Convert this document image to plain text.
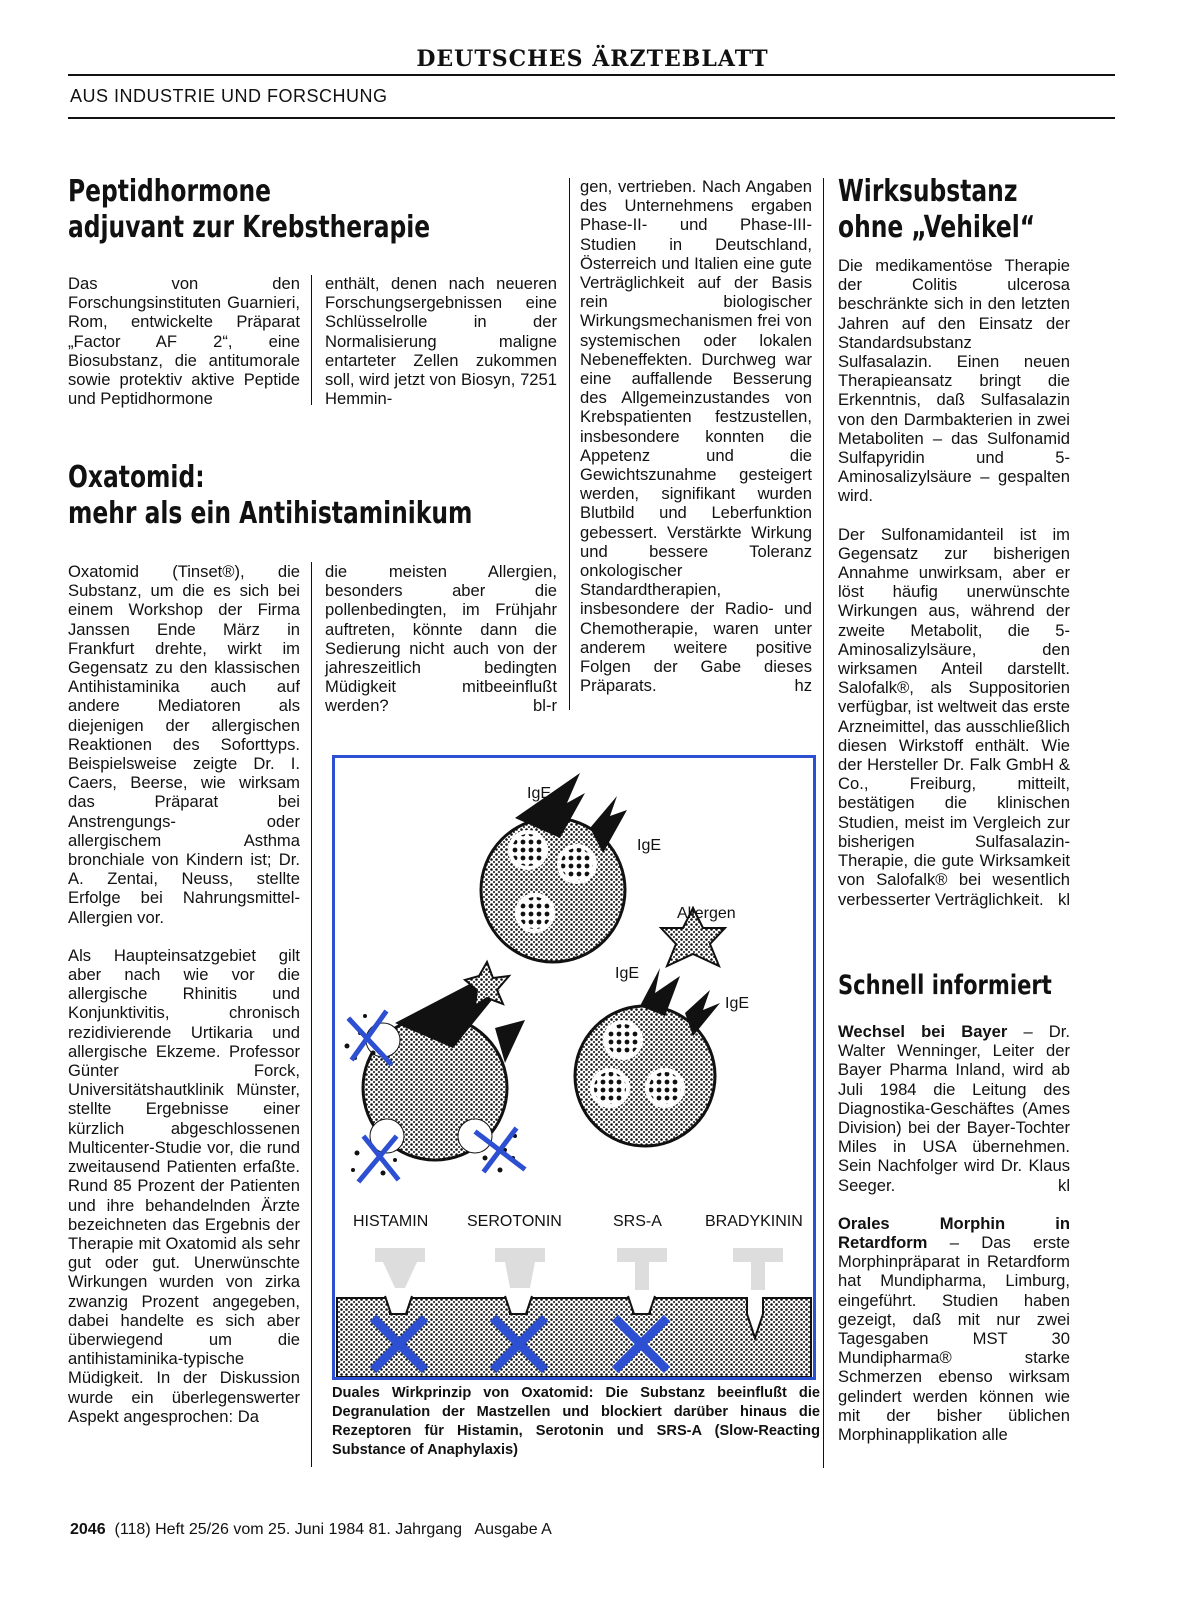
DEUTSCHES ÄRZTEBLATT
AUS INDUSTRIE UND FORSCHUNG
Peptidhormone
adjuvant zur Krebstherapie

Das von den Forschungsinstituten Guarnieri, Rom, entwickelte Präparat „Factor AF 2“, eine Biosubstanz, die antitumorale sowie protektiv aktive Peptide und Peptidhormone

enthält, denen nach neueren Forschungsergebnissen eine Schlüsselrolle in der Normalisierung maligne entarteter Zellen zukommen soll, wird jetzt von Biosyn, 7251 Hemmin-

gen, vertrieben. Nach Angaben des Unternehmens ergaben Phase-II- und Phase-III-Studien in Deutschland, Österreich und Italien eine gute Verträglichkeit auf der Basis rein biologischer Wirkungsmechanismen frei von systemischen oder lokalen Nebeneffekten. Durchweg war eine auffallende Besserung des Allgemeinzustandes von Krebspatienten festzustellen, insbesondere konnten die Appetenz und die Gewichtszunahme gesteigert werden, signifikant wurden Blutbild und Leberfunktion gebessert. Verstärkte Wirkung und bessere Toleranz onkologischer Standardtherapien, insbesondere der Radio- und Chemotherapie, waren unter anderem weitere positive Folgen der Gabe dieses Präparats.	hz

Oxatomid:
mehr als ein Antihistaminikum

Oxatomid (Tinset®), die Substanz, um die es sich bei einem Workshop der Firma Janssen Ende März in Frankfurt drehte, wirkt im Gegensatz zu den klassischen Antihistaminika auch auf andere Mediatoren als diejenigen der allergischen Reaktionen des Soforttyps. Beispielsweise zeigte Dr. I. Caers, Beerse, wie wirksam das Präparat bei Anstrengungs- oder allergischem Asthma bronchiale von Kindern ist; Dr. A. Zentai, Neuss, stellte Erfolge bei Nahrungsmittel-Allergien vor.

Als Haupteinsatzgebiet gilt aber nach wie vor die allergische Rhinitis und Konjunktivitis, chronisch rezidivierende Urtikaria und allergische Ekzeme. Professor Günter Forck, Universitätshautklinik Münster, stellte Ergebnisse einer kürzlich abgeschlossenen Multicenter-Studie vor, die rund zweitausend Patienten erfaßte. Rund 85 Prozent der Patienten und ihre behandelnden Ärzte bezeichneten das Ergebnis der Therapie mit Oxatomid als sehr gut oder gut. Unerwünschte Wirkungen wurden von zirka zwanzig Prozent angegeben, dabei handelte es sich aber überwiegend um die antihistaminika-typische Müdigkeit. In der Diskussion wurde ein überlegenswerter Aspekt angesprochen: Da

die meisten Allergien, besonders aber die pollenbedingten, im Frühjahr auftreten, könnte dann die Sedierung nicht auch von der jahreszeitlich bedingten Müdigkeit mitbeeinflußt werden?	bl-r

IgE
IgE
Allergen
IgE
IgE
HISTAMIN SEROTONIN	SRS-A	BRADYKININ
Duales Wirkprinzip von Oxatomid: Die Substanz beeinflußt die Degranulation der Mastzellen und blockiert darüber hinaus die Rezeptoren für Histamin, Serotonin und SRS-A (Slow-Reacting Substance of Anaphylaxis)
Wirksubstanz
ohne „Vehikel“

Die medikamentöse Therapie der Colitis ulcerosa beschränkte sich in den letzten Jahren auf den Einsatz der Standardsubstanz Sulfasalazin. Einen neuen Therapieansatz bringt die Erkenntnis, daß Sulfasalazin von den Darmbakterien in zwei Metaboliten – das Sulfonamid Sulfapyridin und 5-Aminosalizylsäure – gespalten wird.

Der Sulfonamidanteil ist im Gegensatz zur bisherigen Annahme unwirksam, aber er löst häufig unerwünschte Wirkungen aus, während der zweite Metabolit, die 5-Aminosalizylsäure, den wirksamen Anteil darstellt. Salofalk®, als Suppositorien verfügbar, ist weltweit das erste Arzneimittel, das ausschließlich diesen Wirkstoff enthält. Wie der Hersteller Dr. Falk GmbH & Co., Freiburg, mitteilt, bestätigen die klinischen Studien, meist im Vergleich zur bisherigen Sulfasalazin-Therapie, die gute Wirksamkeit von Salofalk® bei wesentlich verbesserter Verträglichkeit. kl

Schnell informiert

Wechsel bei Bayer – Dr. Walter Wenninger, Leiter der Bayer Pharma Inland, wird ab Juli 1984 die Leitung des Diagnostika-Geschäftes (Ames Division) bei der Bayer-Tochter Miles in USA übernehmen. Sein Nachfolger wird Dr. Klaus Seeger.	kl

Orales Morphin in Retardform – Das erste Morphinpräparat in Retardform hat Mundipharma, Limburg, eingeführt. Studien haben gezeigt, daß mit nur zwei Tagesgaben MST 30 Mundipharma® starke Schmerzen ebenso wirksam gelindert werden können wie mit der bisher üblichen Morphinapplikation alle

2046 (118) Heft 25/26 vom 25. Juni 1984 81. Jahrgang   Ausgabe A
